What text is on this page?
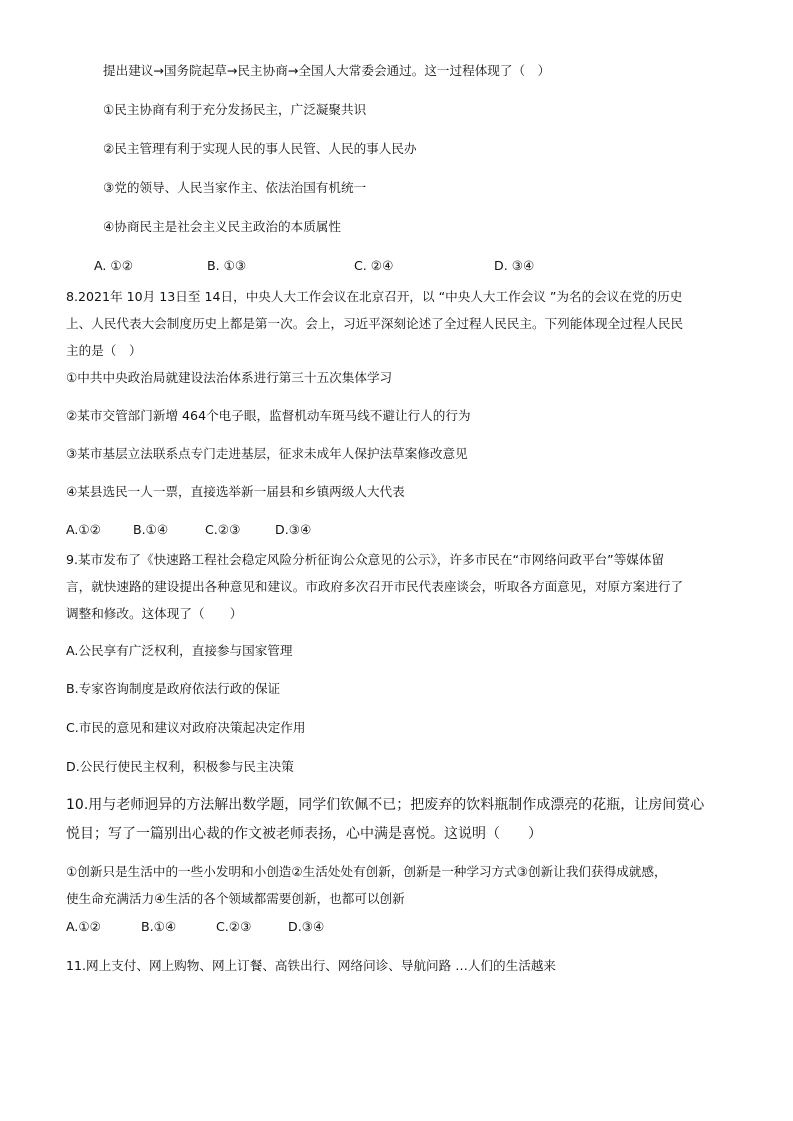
提出建议→国务院起草→民主协商→全国人大常委会通过。这一过程体现了（　）
①民主协商有利于充分发扬民主，广泛凝聚共识
②民主管理有利于实现人民的事人民管、人民的事人民办
③党的领导、人民当家作主、依法治国有机统一
④协商民主是社会主义民主政治的本质属性
A. ①②	B. ①③	C. ②④	D. ③④
8.2021年 10月 13日至 14日，中央人大工作会议在北京召开，以 “中央人大工作会议 ”为名的会议在党的历史
上、人民代表大会制度历史上都是第一次。会上，习近平深刻论述了全过程人民民主。下列能体现全过程人民民
主的是（　）
①中共中央政治局就建设法治体系进行第三十五次集体学习
②某市交管部门新增 464个电子眼，监督机动车斑马线不避让行人的行为
③某市基层立法联系点专门走进基层，征求未成年人保护法草案修改意见
④某县选民一人一票，直接选举新一届县和乡镇两级人大代表
A.①②	B.①④	C.②③	D.③④
9.某市发布了《快速路工程社会稳定风险分析征询公众意见的公示》，许多市民在“市网络问政平台”等媒体留
言，就快速路的建设提出各种意见和建议。市政府多次召开市民代表座谈会，听取各方面意见，对原方案进行了
调整和修改。这体现了（　　）
A.公民享有广泛权利，直接参与国家管理
B.专家咨询制度是政府依法行政的保证
C.市民的意见和建议对政府决策起决定作用
D.公民行使民主权利，积极参与民主决策
10.用与老师迥异的方法解出数学题，同学们钦佩不已；把废弃的饮料瓶制作成漂亮的花瓶，让房间赏心
悦目；写了一篇别出心裁的作文被老师表扬，心中满是喜悦。这说明（　　）
①创新只是生活中的一些小发明和小创造②生活处处有创新，创新是一种学习方式③创新让我们获得成就感，
使生命充满活力④生活的各个领域都需要创新，也都可以创新
A.①②	B.①④	C.②③	D.③④
11.网上支付、网上购物、网上订餐、高铁出行、网络问诊、导航问路 …人们的生活越来
